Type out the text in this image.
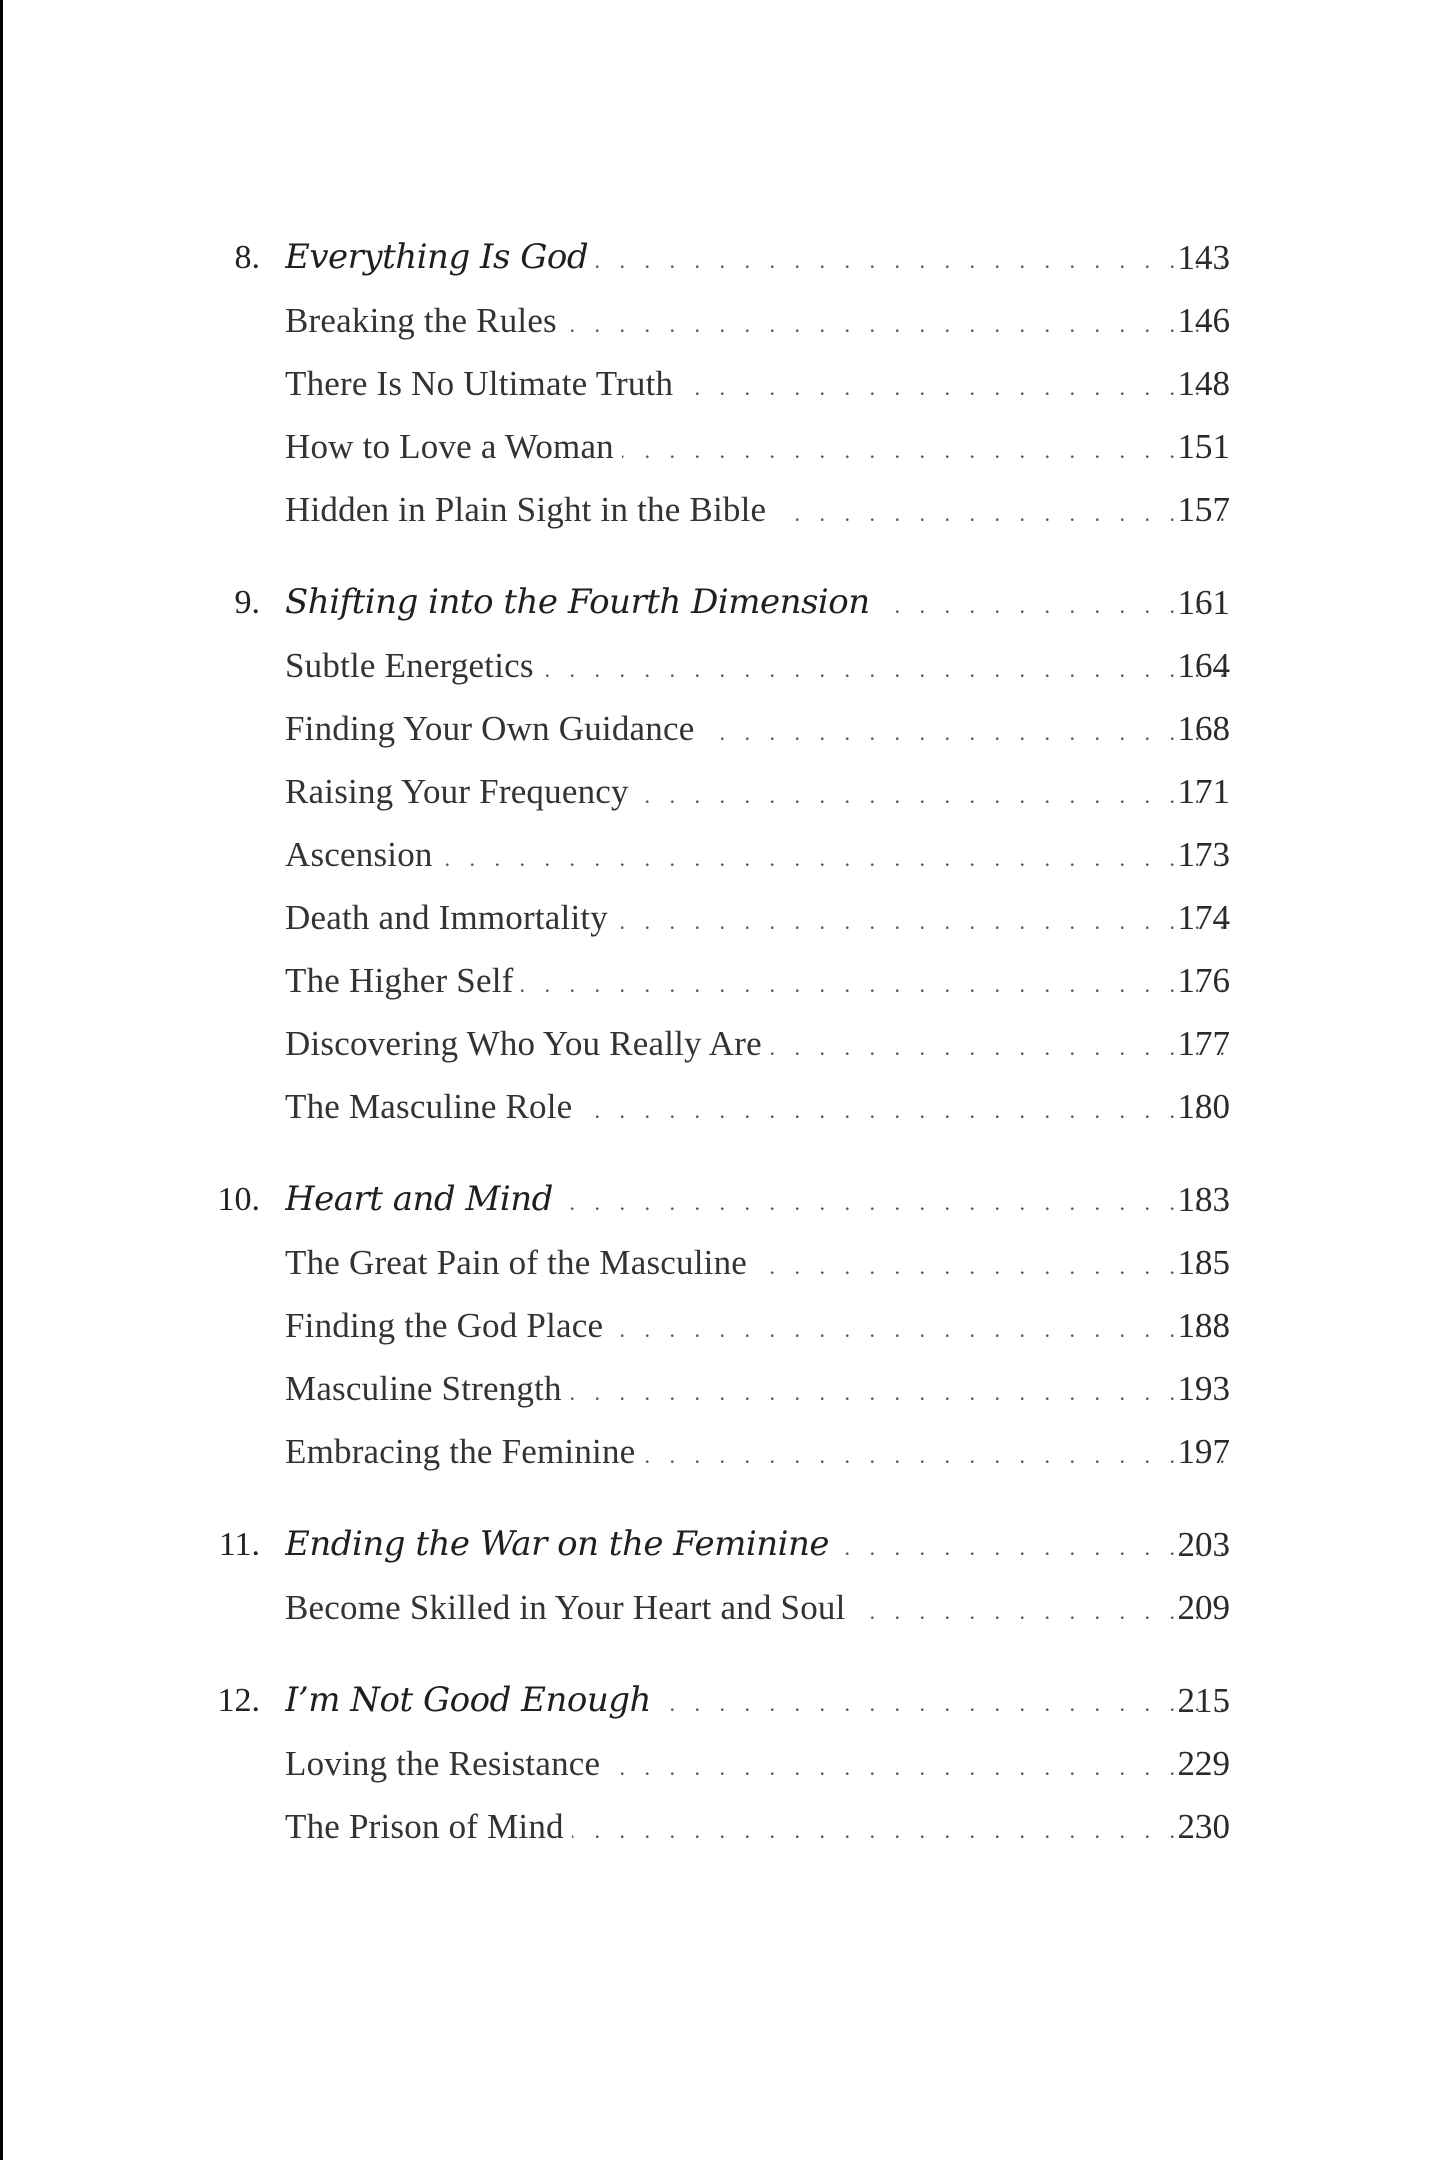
8. Everything Is God . . .	143
Breaking the Rules . . .	146
There Is No Ultimate Truth . . .	148
How to Love a Woman . . .	151
Hidden in Plain Sight in the Bible . . .	157
9. Shifting into the Fourth Dimension . . .	161
Subtle Energetics . . .	164
Finding Your Own Guidance . . .	168
Raising Your Frequency . . .	171
Ascension . . .	173
Death and Immortality . . .	174
The Higher Self . . .	176
Discovering Who You Really Are . . .	177
The Masculine Role . . .	180
10. Heart and Mind . . .	183
The Great Pain of the Masculine . . .	185
Finding the God Place . . .	188
Masculine Strength . . .	193
Embracing the Feminine . . .	197
11. Ending the War on the Feminine . . .	203
Become Skilled in Your Heart and Soul . . .	209
12. I’m Not Good Enough . . .	215
Loving the Resistance . . .	229
The Prison of Mind . . .	230
